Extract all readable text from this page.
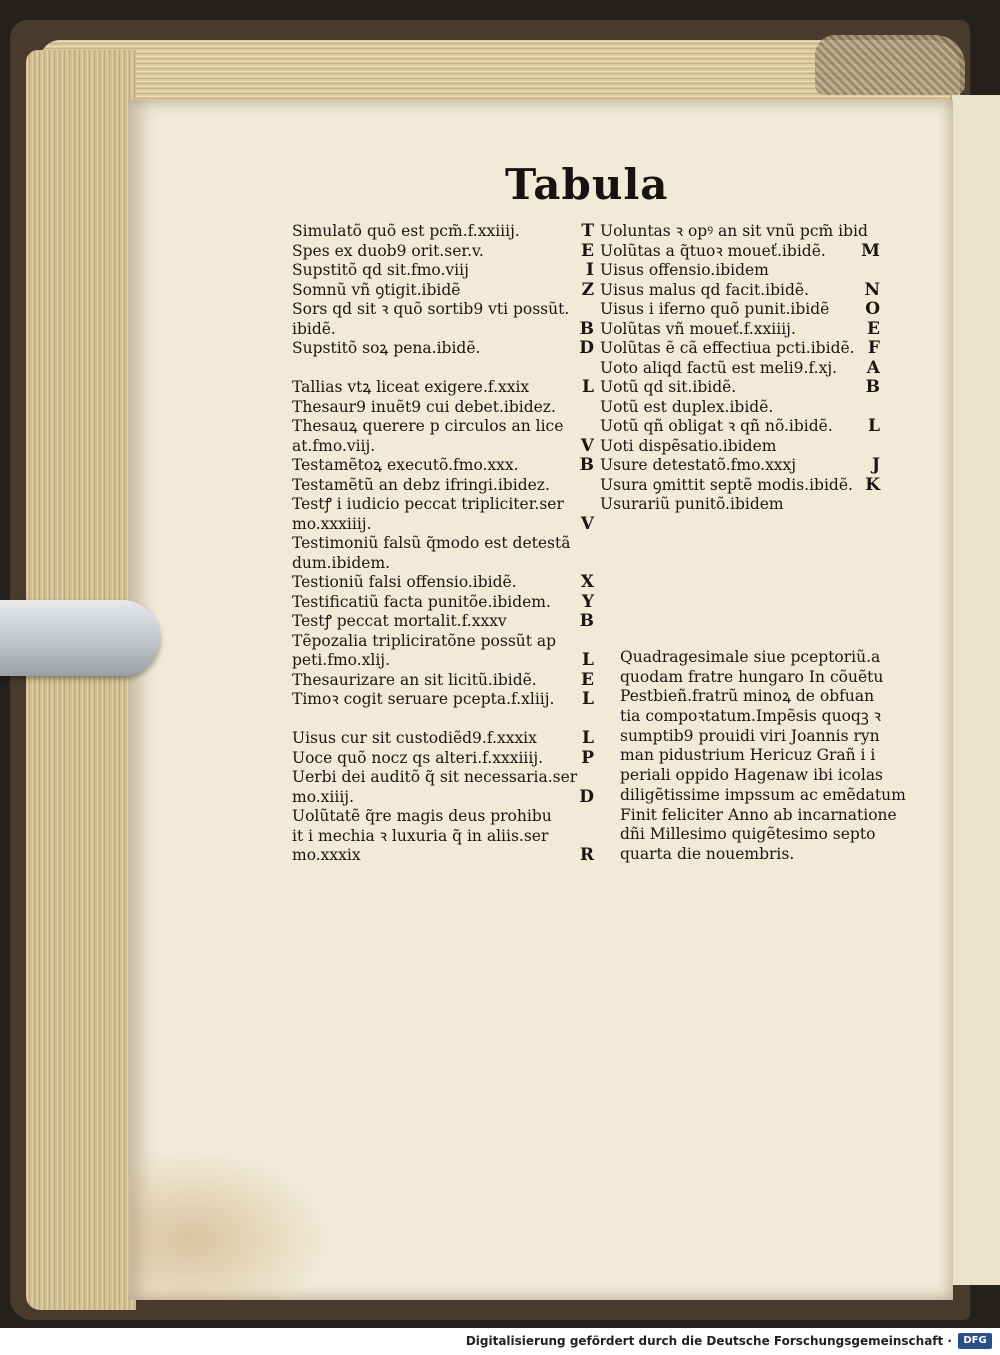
Tabula
Simulatõ quõ est pcm̃.f.xxiiij.	T
Spes ex duob9 orit.ser.v.	E
Supstitõ qd sit.fmo.viij	I
Somnũ vñ ꝯtigit.ibidẽ	Z
Sors qd sit ꝛ quõ sortib9 vti possũt.
ibidẽ.	B
Supstitõ soꝝ pena.ibidẽ.	D
Tallias vtꝝ liceat exigere.f.xxix	L
Thesaur9 inuẽt9 cui debet.ibidez.
Thesauꝝ querere p circulos an lice
at.fmo.viij.	V
Testamẽtoꝝ executõ.fmo.xxx.	B
Testamẽtũ an debz ifringi.ibidez.
Testꝭ i iudicio peccat tripliciter.ser
mo.xxxiiij.	V
Testimoniũ falsũ q̃modo est detestã
dum.ibidem.
Testioniũ falsi offensio.ibidẽ.	X
Testificatiũ facta punitõe.ibidem. Y
Testꝭ peccat mortalit.f.xxxv	B
Tẽpozalia tripliciratõne possũt ap
peti.fmo.xlij.	L
Thesaurizare an sit licitũ.ibidẽ.	E
Timoꝛ cogit seruare pcepta.f.xliij. L
Uisus cur sit custodiẽd9.f.xxxix	L
Uoce quõ nocz qs alteri.f.xxxiiij. P
Uerbi dei auditõ q̃ sit necessaria.ser
mo.xiiij.	D
Uolũtatẽ q̃re magis deus prohibu
it i mechia ꝛ luxuria q̃ in aliis.ser
mo.xxxix	R
Uoluntas ꝛ opꝰ an sit vnũ pcm̃ ibid
Uolũtas a q̃tuoꝛ moueť.ibidẽ. M
Uisus offensio.ibidem
Uisus malus qd facit.ibidẽ.	N
Uisus i iferno quõ punit.ibidẽ O
Uolũtas vñ moueť.f.xxiiij.	E
Uolũtas ẽ cã effectiua pcti.ibidẽ. F
Uoto aliqd factũ est meli9.f.xj. A
Uotũ qd sit.ibidẽ.	B
Uotũ est duplex.ibidẽ.
Uotũ qñ obligat ꝛ qñ nõ.ibidẽ. L
Uoti dispẽsatio.ibidem
Usure detestatõ.fmo.xxxj	J
Usura ꝯmittit septẽ modis.ibidẽ. K
Usurariũ punitõ.ibidem
Quadragesimale siue pceptoriũ.a
quodam fratre hungaro In cõuẽtu
Pestbieñ.fratrũ minoꝝ de obfuan
tia compoꝛtatum.Impẽsis quoqꝫ ꝛ
sumptib9 prouidi viri Joannis ryn
man pidustrium Hericuz Grañ i i
periali oppido Hagenaw ibi icolas
diligẽtissime impssum ac emẽdatum
Finit feliciter Anno ab incarnatione
dñi Millesimo quigẽtesimo septo
quarta die nouembris.
Digitalisierung gefördert durch die Deutsche Forschungsgemeinschaft ·	DFG
